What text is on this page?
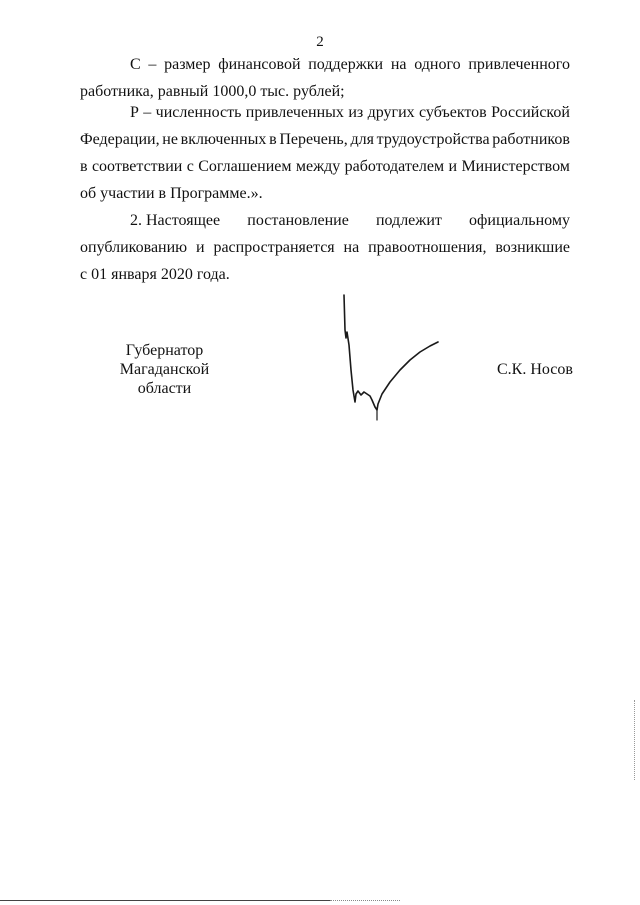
2
С – размер финансовой поддержки на одного привлеченного
работника, равный 1000,0 тыс. рублей;
Р – численность привлеченных из других субъектов Российской
Федерации, не включенных в Перечень, для трудоустройства работников
в соответствии с Соглашением между работодателем и Министерством
об участии в Программе.».
2. Настоящее постановление подлежит официальному
опубликованию и распространяется на правоотношения, возникшие
с 01 января 2020 года.
Губернатор
Магаданской области
С.К. Носов
